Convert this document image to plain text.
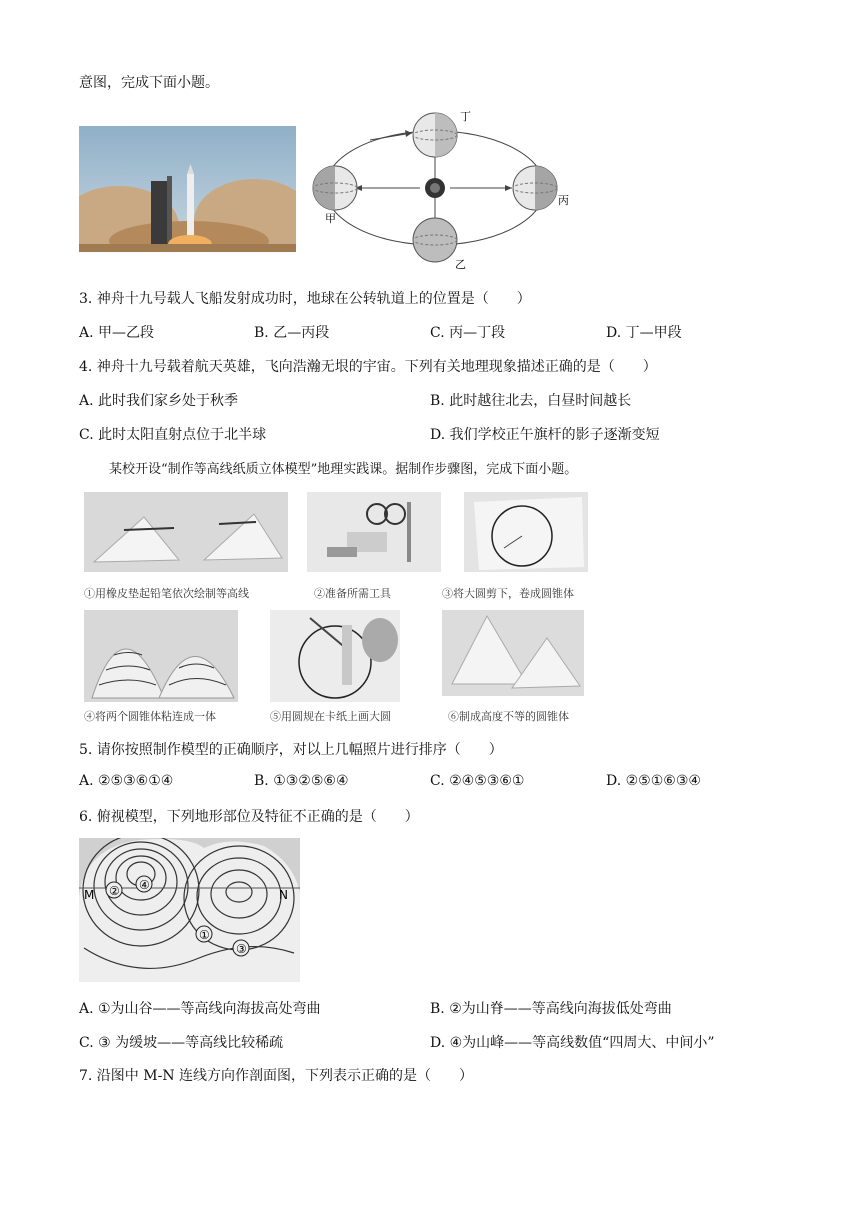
意图，完成下面小题。
丁
丙
甲
乙
3. 神舟十九号载人飞船发射成功时，地球在公转轨道上的位置是（　　）
A. 甲—乙段	B. 乙—丙段	C. 丙—丁段	D. 丁—甲段
4. 神舟十九号载着航天英雄，飞向浩瀚无垠的宇宙。下列有关地理现象描述正确的是（　　）
A. 此时我们家乡处于秋季	B. 此时越往北去，白昼时间越长
C. 此时太阳直射点位于北半球	D. 我们学校正午旗杆的影子逐渐变短
某校开设“制作等高线纸质立体模型”地理实践课。据制作步骤图，完成下面小题。
①用橡皮垫起铅笔依次绘制等高线	②准备所需工具	③将大圆剪下，卷成圆锥体
④将两个圆锥体粘连成一体	⑤用圆规在卡纸上画大圆	⑥制成高度不等的圆锥体
5. 请你按照制作模型的正确顺序，对以上几幅照片进行排序（　　）
A. ②⑤③⑥①④	B. ①③②⑤⑥④	C. ②④⑤③⑥①	D. ②⑤①⑥③④
6. 俯视模型，下列地形部位及特征不正确的是（　　）
② ④
①
③
M	N
A. ①为山谷——等高线向海拔高处弯曲	B. ②为山脊——等高线向海拔低处弯曲
C. ③ 为缓坡——等高线比较稀疏	D. ④为山峰——等高线数值“四周大、中间小”
7. 沿图中 M-N 连线方向作剖面图，下列表示正确的是（　　）
